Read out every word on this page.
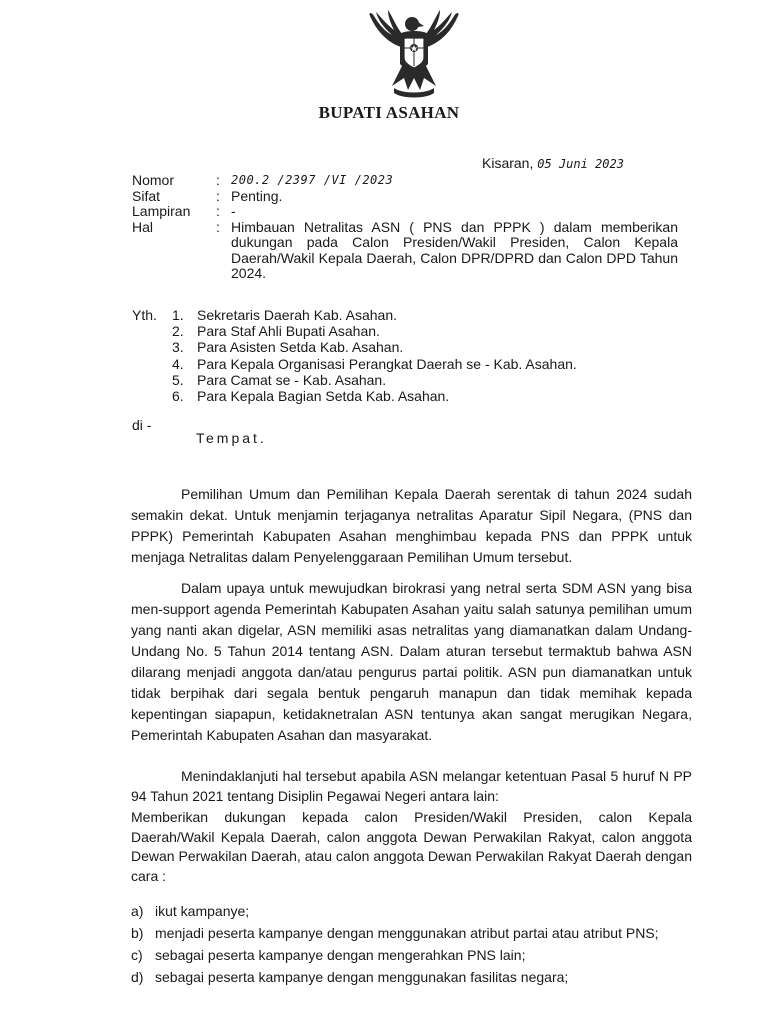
BUPATI ASAHAN
Kisaran, 05 Juni 2023
Nomor	: 200.2 /2397 /VI /2023
Sifat	: Penting.
Lampiran	: -
Hal	: Himbauan Netralitas ASN ( PNS dan PPPK ) dalam memberikan dukungan pada Calon Presiden/Wakil Presiden, Calon Kepala Daerah/Wakil Kepala Daerah, Calon DPR/DPRD dan Calon DPD Tahun 2024.
Yth. 1. Sekretaris Daerah Kab. Asahan.
2. Para Staf Ahli Bupati Asahan.
3. Para Asisten Setda Kab. Asahan.
4. Para Kepala Organisasi Perangkat Daerah se - Kab. Asahan.
5. Para Camat se - Kab. Asahan.
6. Para Kepala Bagian Setda Kab. Asahan.
di -
Tempat.

Pemilihan Umum dan Pemilihan Kepala Daerah serentak di tahun 2024 sudah semakin dekat. Untuk menjamin terjaganya netralitas Aparatur Sipil Negara, (PNS dan PPPK) Pemerintah Kabupaten Asahan menghimbau kepada PNS dan PPPK untuk menjaga Netralitas dalam Penyelenggaraan Pemilihan Umum tersebut.

Dalam upaya untuk mewujudkan birokrasi yang netral serta SDM ASN yang bisa men-support agenda Pemerintah Kabupaten Asahan yaitu salah satunya pemilihan umum yang nanti akan digelar, ASN memiliki asas netralitas yang diamanatkan dalam Undang-Undang No. 5 Tahun 2014 tentang ASN. Dalam aturan tersebut termaktub bahwa ASN dilarang menjadi anggota dan/atau pengurus partai politik. ASN pun diamanatkan untuk tidak berpihak dari segala bentuk pengaruh manapun dan tidak memihak kepada kepentingan siapapun, ketidaknetralan ASN tentunya akan sangat merugikan Negara, Pemerintah Kabupaten Asahan dan masyarakat.

Menindaklanjuti hal tersebut apabila ASN melangar ketentuan Pasal 5 huruf N PP 94 Tahun 2021 tentang Disiplin Pegawai Negeri antara lain:

Memberikan dukungan kepada calon Presiden/Wakil Presiden, calon Kepala Daerah/Wakil Kepala Daerah, calon anggota Dewan Perwakilan Rakyat, calon anggota Dewan Perwakilan Daerah, atau calon anggota Dewan Perwakilan Rakyat Daerah dengan cara :

a) ikut kampanye;
b) menjadi peserta kampanye dengan menggunakan atribut partai atau atribut PNS;
c) sebagai peserta kampanye dengan mengerahkan PNS lain;
d) sebagai peserta kampanye dengan menggunakan fasilitas negara;
